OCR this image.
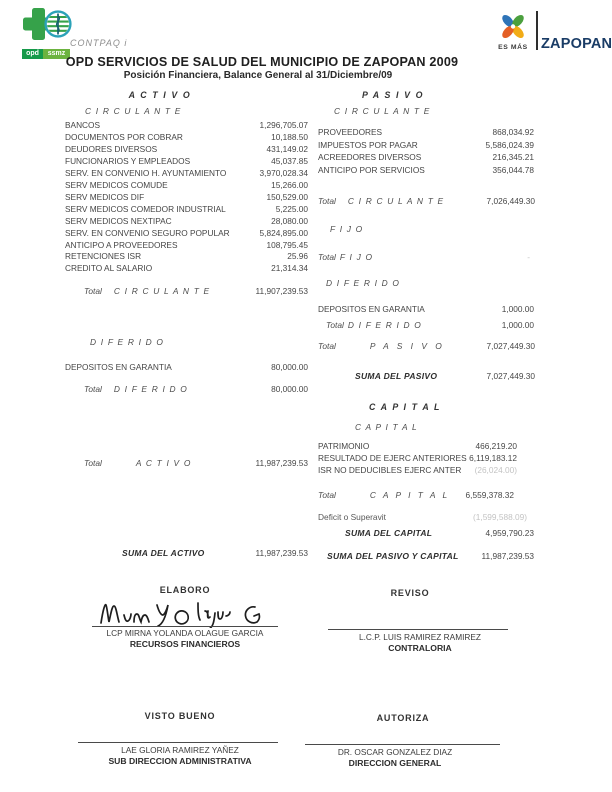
opd	ssmz
CONTPAQ i	ES MÁS ZAPOPAN
OPD SERVICIOS DE SALUD DEL MUNICIPIO DE ZAPOPAN 2009
Posición Financiera, Balance General al 31/Diciembre/09
A C T I V O
C I R C U L A N T E
BANCOS	1,296,705.07
DOCUMENTOS POR COBRAR	10,188.50
DEUDORES DIVERSOS	431,149.02
FUNCIONARIOS Y EMPLEADOS	45,037.85
SERV. EN CONVENIO H. AYUNTAMIENTO	3,970,028.34
SERV MEDICOS COMUDE	15,266.00
SERV MEDICOS DIF	150,529.00
SERV MEDICOS COMEDOR INDUSTRIAL	5,225.00
SERV MEDICOS NEXTIPAC	28,080.00
SERV. EN CONVENIO SEGURO POPULAR	5,824,895.00
ANTICIPO A PROVEEDORES	108,795.45
RETENCIONES ISR	25.96
CREDITO AL SALARIO	21,314.34
Total C I R C U L A N T E	11,907,239.53
D I F E R I D O
DEPOSITOS EN GARANTIA	80,000.00
Total D I F E R I D O	80,000.00
Total	A C T I V O	11,987,239.53
SUMA DEL ACTIVO	11,987,239.53
P A S I V O
C I R C U L A N T E
PROVEEDORES	868,034.92
IMPUESTOS POR PAGAR	5,586,024.39
ACREEDORES DIVERSOS	216,345.21
ANTICIPO POR SERVICIOS	356,044.78
Total C I R C U L A N T E	7,026,449.30
F I J O
Total F I J O	-
D I F E R I D O
DEPOSITOS EN GARANTIA	1,000.00
Total D I F E R I D O	1,000.00
Total	P A S I V O	7,027,449.30
SUMA DEL PASIVO	7,027,449.30
C A P I T A L
C A P I T A L
PATRIMONIO	466,219.20
RESULTADO DE EJERC ANTERIORES 6,119,183.12
ISR NO DEDUCIBLES EJERC ANTER (26,024.00)
Total	C A P I T A L 6,559,378.32
Deficit o Superavit	(1,599,588.09)
SUMA DEL CAPITAL	4,959,790.23
SUMA DEL PASIVO Y CAPITAL	11,987,239.53
ELABORO
LCP MIRNA YOLANDA OLAGUE GARCIA
RECURSOS FINANCIEROS
REVISO
L.C.P. LUIS RAMIREZ RAMIREZ
CONTRALORIA
VISTO BUENO	AUTORIZA
LAE GLORIA RAMIREZ YAÑEZ
SUB DIRECCION ADMINISTRATIVA
DR. OSCAR GONZALEZ DIAZ
DIRECCION GENERAL
